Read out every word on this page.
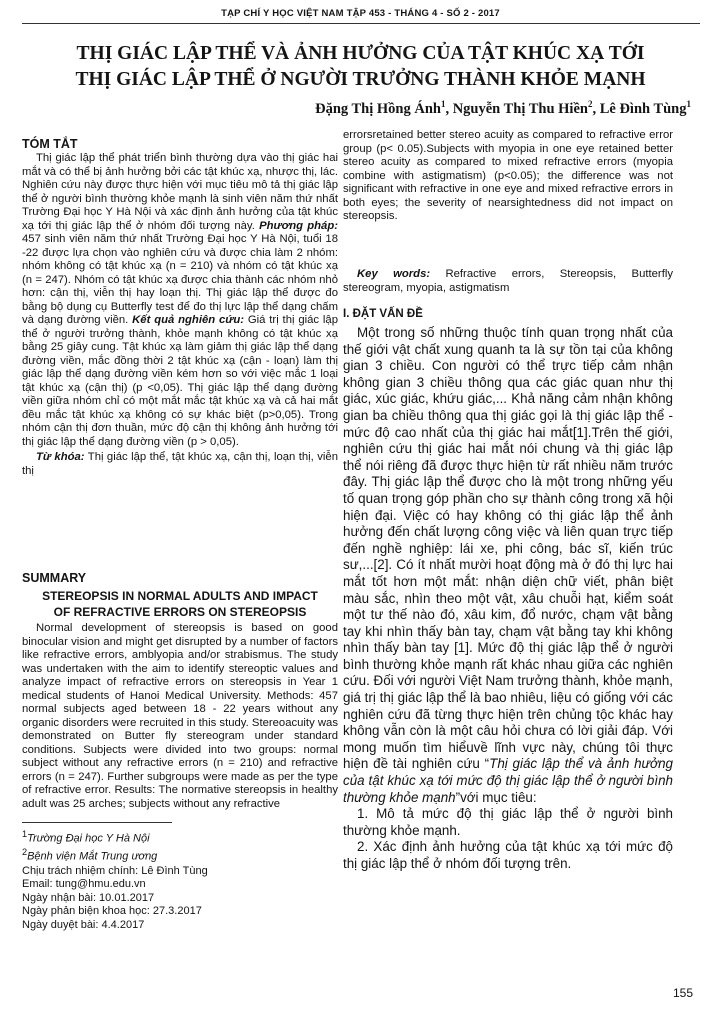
TẠP CHÍ Y HỌC VIỆT NAM TẬP 453 - THÁNG 4 - SỐ 2 - 2017
THỊ GIÁC LẬP THỂ VÀ ẢNH HƯỞNG CỦA TẬT KHÚC XẠ TỚI
THỊ GIÁC LẬP THỂ Ở NGƯỜI TRƯỞNG THÀNH KHỎE MẠNH
Đặng Thị Hồng Ánh$^1$, Nguyễn Thị Thu Hiền$^2$, Lê Đình Tùng$^1$
TÓM TẮT

Thị giác lập thể phát triển bình thường dựa vào thị giác hai mắt và có thể bị ảnh hưởng bởi các tật khúc xạ, nhược thị, lác. Nghiên cứu này được thực hiện với mục tiêu mô tả thị giác lập thể ở người bình thường khỏe mạnh là sinh viên năm thứ nhất Trường Đại học Y Hà Nội và xác định ảnh hưởng của tật khúc xạ tới thị giác lập thể ở nhóm đối tượng này. Phương pháp: 457 sinh viên năm thứ nhất Trường Đại học Y Hà Nội, tuổi 18 -22 được lựa chọn vào nghiên cứu và được chia làm 2 nhóm: nhóm không có tật khúc xạ (n = 210) và nhóm có tật khúc xạ (n = 247). Nhóm có tật khúc xạ được chia thành các nhóm nhỏ hơn: cận thị, viễn thị hay loạn thị. Thị giác lập thể được đo bằng bộ dụng cụ Butterfly test để đo thị lực lập thể dạng chấm và dạng đường viền. Kết quả nghiên cứu: Giá trị thị giác lập thể ở người trưởng thành, khỏe mạnh không có tật khúc xạ bằng 25 giây cung. Tật khúc xạ làm giảm thị giác lập thể dạng đường viền, mắc đồng thời 2 tật khúc xạ (cận - loạn) làm thị giác lập thể dạng đường viền kém hơn so với việc mắc 1 loại tật khúc xạ (cận thị) (p <0,05). Thị giác lập thể dạng đường viền giữa nhóm chỉ có một mắt mắc tật khúc xạ và cả hai mắt đều mắc tật khúc xạ không có sự khác biệt (p>0,05). Trong nhóm cận thị đơn thuần, mức độ cận thị không ảnh hưởng tới thị giác lập thể dạng đường viền (p > 0,05).

Từ khóa: Thị giác lập thể, tật khúc xạ, cận thị, loạn thị, viễn thị

SUMMARY
STEREOPSIS IN NORMAL ADULTS AND IMPACT
OF REFRACTIVE ERRORS ON STEREOPSIS

Normal development of stereopsis is based on good binocular vision and might get disrupted by a number of factors like refractive errors, amblyopia and/or strabismus. The study was undertaken with the aim to identify stereoptic values and analyze impact of refractive errors on stereopsis in Year 1 medical students of Hanoi Medical University. Methods: 457 normal subjects aged between 18 - 22 years without any organic disorders were recruited in this study. Stereoacuity was demonstrated on Butter fly stereogram under standard conditions. Subjects were divided into two groups: normal subject without any refractive errors (n = 210) and refractive errors (n = 247). Further subgroups were made as per the type of refractive error. Results: The normative stereopsis in healthy adult was 25 arches; subjects without any refractive

$^1$Trường Đại học Y Hà Nội
$^2$Bệnh viện Mắt Trung ương
Chịu trách nhiệm chính: Lê Đình Tùng
Email: tung@hmu.edu.vn
Ngày nhận bài: 10.01.2017
Ngày phản biện khoa học: 27.3.2017
Ngày duyệt bài: 4.4.2017

errorsretained better stereo acuity as compared to refractive error group (p< 0.05).Subjects with myopia in one eye retained better stereo acuity as compared to mixed refractive errors (myopia combine with astigmatism) (p<0.05); the difference was not significant with refractive in one eye and mixed refractive errors in both eyes; the severity of nearsightedness did not impact on stereopsis.

Key words: Refractive errors, Stereopsis, Butterfly stereogram, myopia, astigmatism

I. ĐẶT VẤN ĐỀ

Một trong số những thuộc tính quan trọng nhất của thế giới vật chất xung quanh ta là sự tồn tại của không gian 3 chiều. Con người có thể trực tiếp cảm nhận không gian 3 chiều thông qua các giác quan như thị giác, xúc giác, khứu giác,... Khả năng cảm nhận không gian ba chiều thông qua thị giác gọi là thị giác lập thể - mức độ cao nhất của thị giác hai mắt[1].Trên thế giới, nghiên cứu thị giác hai mắt nói chung và thị giác lập thể nói riêng đã được thực hiện từ rất nhiều năm trước đây. Thị giác lập thể được cho là một trong những yếu tố quan trọng góp phần cho sự thành công trong xã hội hiện đại. Việc có hay không có thị giác lập thể ảnh hưởng đến chất lượng công việc và liên quan trực tiếp đến nghề nghiệp: lái xe, phi công, bác sĩ, kiến trúc sư,...[2]. Có ít nhất mười hoạt động mà ở đó thị lực hai mắt tốt hơn một mắt: nhận diện chữ viết, phân biệt màu sắc, nhìn theo một vật, xâu chuỗi hạt, kiểm soát một tư thế nào đó, xâu kim, đổ nước, chạm vật bằng tay khi nhìn thấy bàn tay, chạm vật bằng tay khi không nhìn thấy bàn tay [1]. Mức độ thị giác lập thể ở người bình thường khỏe mạnh rất khác nhau giữa các nghiên cứu. Đối với người Việt Nam trưởng thành, khỏe mạnh, giá trị thị giác lập thể là bao nhiêu, liệu có giống với các nghiên cứu đã từng thực hiện trên chủng tộc khác hay không vẫn còn là một câu hỏi chưa có lời giải đáp. Với mong muốn tìm hiểuvề lĩnh vực này, chúng tôi thực hiện đề tài nghiên cứu “Thị giác lập thể và ảnh hưởng của tật khúc xạ tới mức độ thị giác lập thể ở người bình thường khỏe mạnh”với mục tiêu:

1. Mô tả mức độ thị giác lập thể ở người bình thường khỏe mạnh.

2. Xác định ảnh hưởng của tật khúc xạ tới mức độ thị giác lập thể ở nhóm đối tượng trên.

155
